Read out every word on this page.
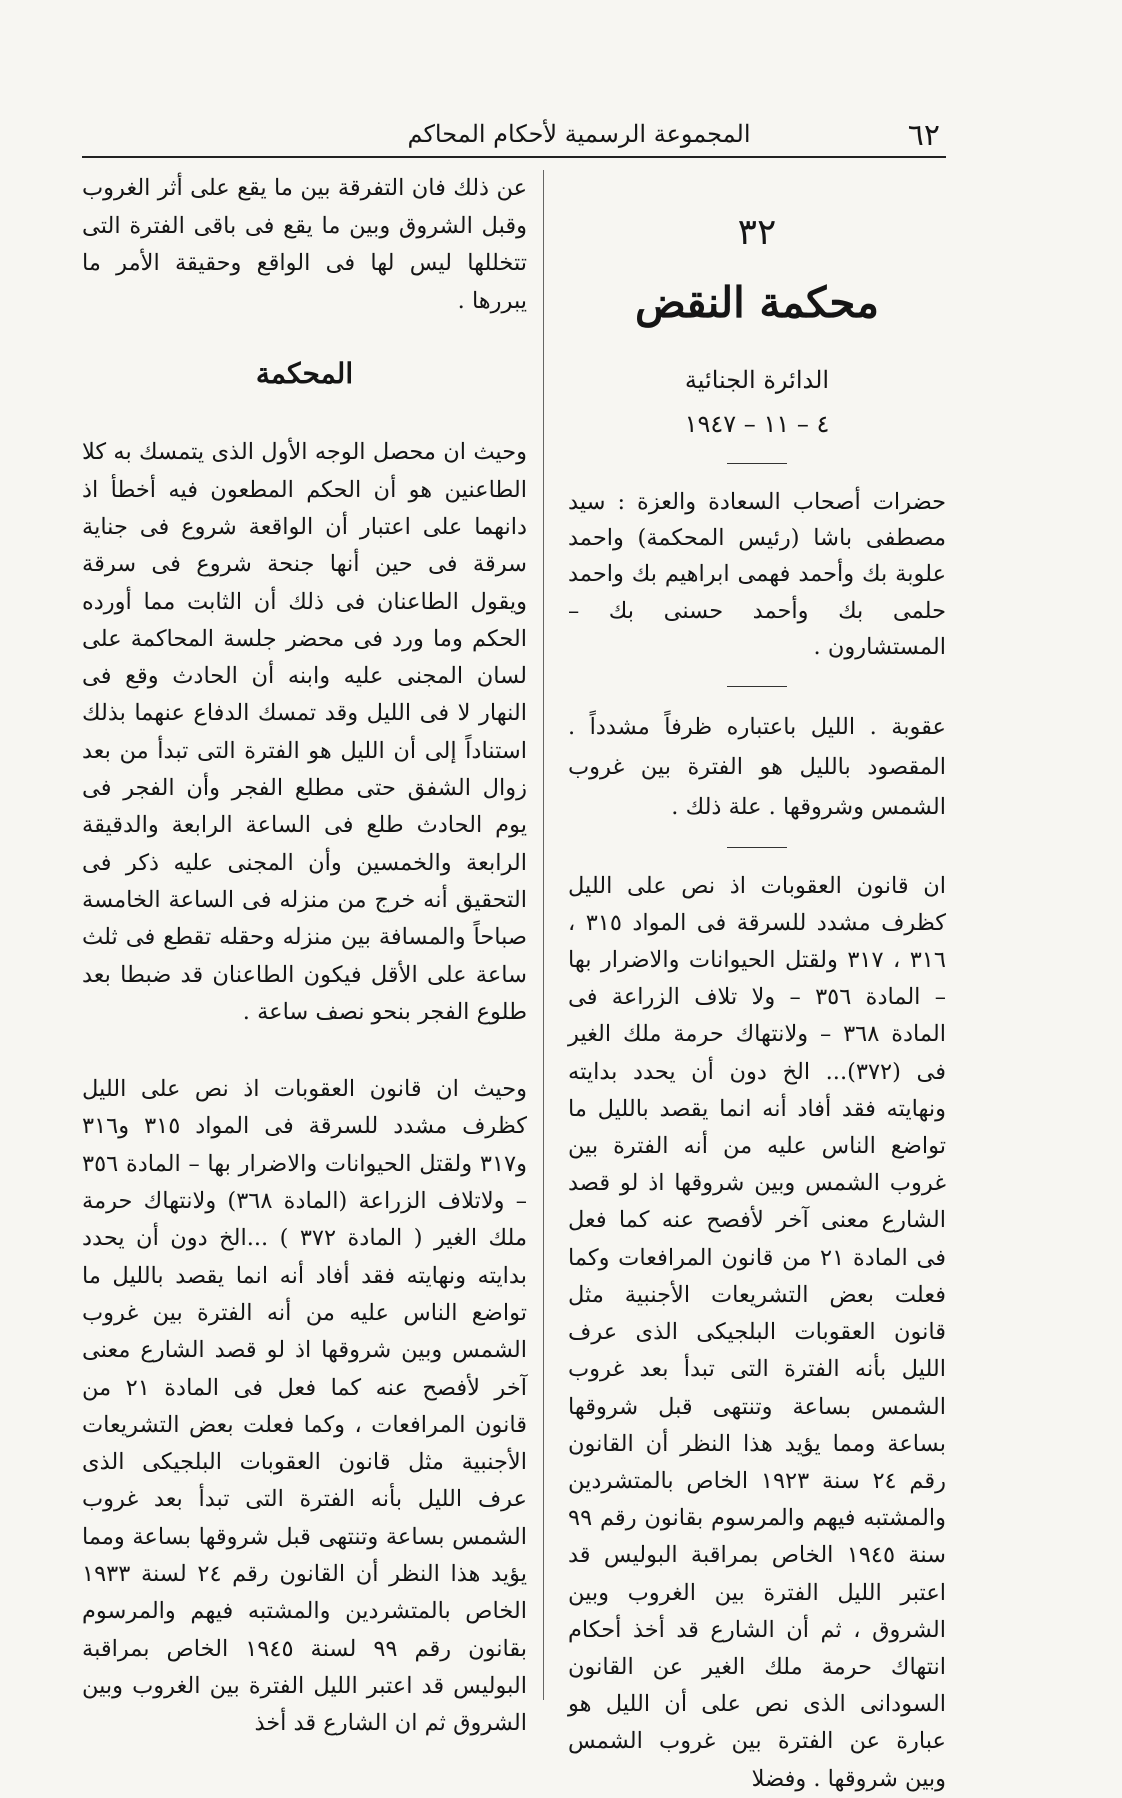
٦٢
المجموعة الرسمية لأحكام المحاكم
٣٢
محكمة النقض
الدائرة الجنائية
٤ – ١١ – ١٩٤٧

حضرات أصحاب السعادة والعزة : سيد مصطفى باشا (رئيس المحكمة) واحمد علوبة بك وأحمد فهمى ابراهيم بك واحمد حلمى بك وأحمد حسنى بك – المستشارون .

عقوبة . الليل باعتباره ظرفاً مشدداً . المقصود بالليل هو الفترة بين غروب الشمس وشروقها . علة ذلك .

ان قانون العقوبات اذ نص على الليل كظرف مشدد للسرقة فى المواد ٣١٥ ، ٣١٦ ، ٣١٧ ولقتل الحيوانات والاضرار بها – المادة ٣٥٦ – ولا تلاف الزراعة فى المادة ٣٦٨ – ولانتهاك حرمة ملك الغير فى (٣٧٢)... الخ دون أن يحدد بدايته ونهايته فقد أفاد أنه انما يقصد بالليل ما تواضع الناس عليه من أنه الفترة بين غروب الشمس وبين شروقها اذ لو قصد الشارع معنى آخر لأفصح عنه كما فعل فى المادة ٢١ من قانون المرافعات وكما فعلت بعض التشريعات الأجنبية مثل قانون العقوبات البلجيكى الذى عرف الليل بأنه الفترة التى تبدأ بعد غروب الشمس بساعة وتنتهى قبل شروقها بساعة ومما يؤيد هذا النظر أن القانون رقم ٢٤ سنة ١٩٢٣ الخاص بالمتشردين والمشتبه فيهم والمرسوم بقانون رقم ٩٩ سنة ١٩٤٥ الخاص بمراقبة البوليس قد اعتبر الليل الفترة بين الغروب وبين الشروق ، ثم أن الشارع قد أخذ أحكام انتهاك حرمة ملك الغير عن القانون السودانى الذى نص على أن الليل هو عبارة عن الفترة بين غروب الشمس وبين شروقها . وفضلا

عن ذلك فان التفرقة بين ما يقع على أثر الغروب وقبل الشروق وبين ما يقع فى باقى الفترة التى تتخللها ليس لها فى الواقع وحقيقة الأمر ما يبررها .

المحكمة

وحيث ان محصل الوجه الأول الذى يتمسك به كلا الطاعنين هو أن الحكم المطعون فيه أخطأ اذ دانهما على اعتبار أن الواقعة شروع فى جناية سرقة فى حين أنها جنحة شروع فى سرقة ويقول الطاعنان فى ذلك أن الثابت مما أورده الحكم وما ورد فى محضر جلسة المحاكمة على لسان المجنى عليه وابنه أن الحادث وقع فى النهار لا فى الليل وقد تمسك الدفاع عنهما بذلك استناداً إلى أن الليل هو الفترة التى تبدأ من بعد زوال الشفق حتى مطلع الفجر وأن الفجر فى يوم الحادث طلع فى الساعة الرابعة والدقيقة الرابعة والخمسين وأن المجنى عليه ذكر فى التحقيق أنه خرج من منزله فى الساعة الخامسة صباحاً والمسافة بين منزله وحقله تقطع فى ثلث ساعة على الأقل فيكون الطاعنان قد ضبطا بعد طلوع الفجر بنحو نصف ساعة .

وحيث ان قانون العقوبات اذ نص على الليل كظرف مشدد للسرقة فى المواد ٣١٥ و٣١٦ و٣١٧ ولقتل الحيوانات والاضرار بها – المادة ٣٥٦ – ولاتلاف الزراعة (المادة ٣٦٨) ولانتهاك حرمة ملك الغير ( المادة ٣٧٢ ) ...الخ دون أن يحدد بدايته ونهايته فقد أفاد أنه انما يقصد بالليل ما تواضع الناس عليه من أنه الفترة بين غروب الشمس وبين شروقها اذ لو قصد الشارع معنى آخر لأفصح عنه كما فعل فى المادة ٢١ من قانون المرافعات ، وكما فعلت بعض التشريعات الأجنبية مثل قانون العقوبات البلجيكى الذى عرف الليل بأنه الفترة التى تبدأ بعد غروب الشمس بساعة وتنتهى قبل شروقها بساعة ومما يؤيد هذا النظر أن القانون رقم ٢٤ لسنة ١٩٣٣ الخاص بالمتشردين والمشتبه فيهم والمرسوم بقانون رقم ٩٩ لسنة ١٩٤٥ الخاص بمراقبة البوليس قد اعتبر الليل الفترة بين الغروب وبين الشروق ثم ان الشارع قد أخذ
